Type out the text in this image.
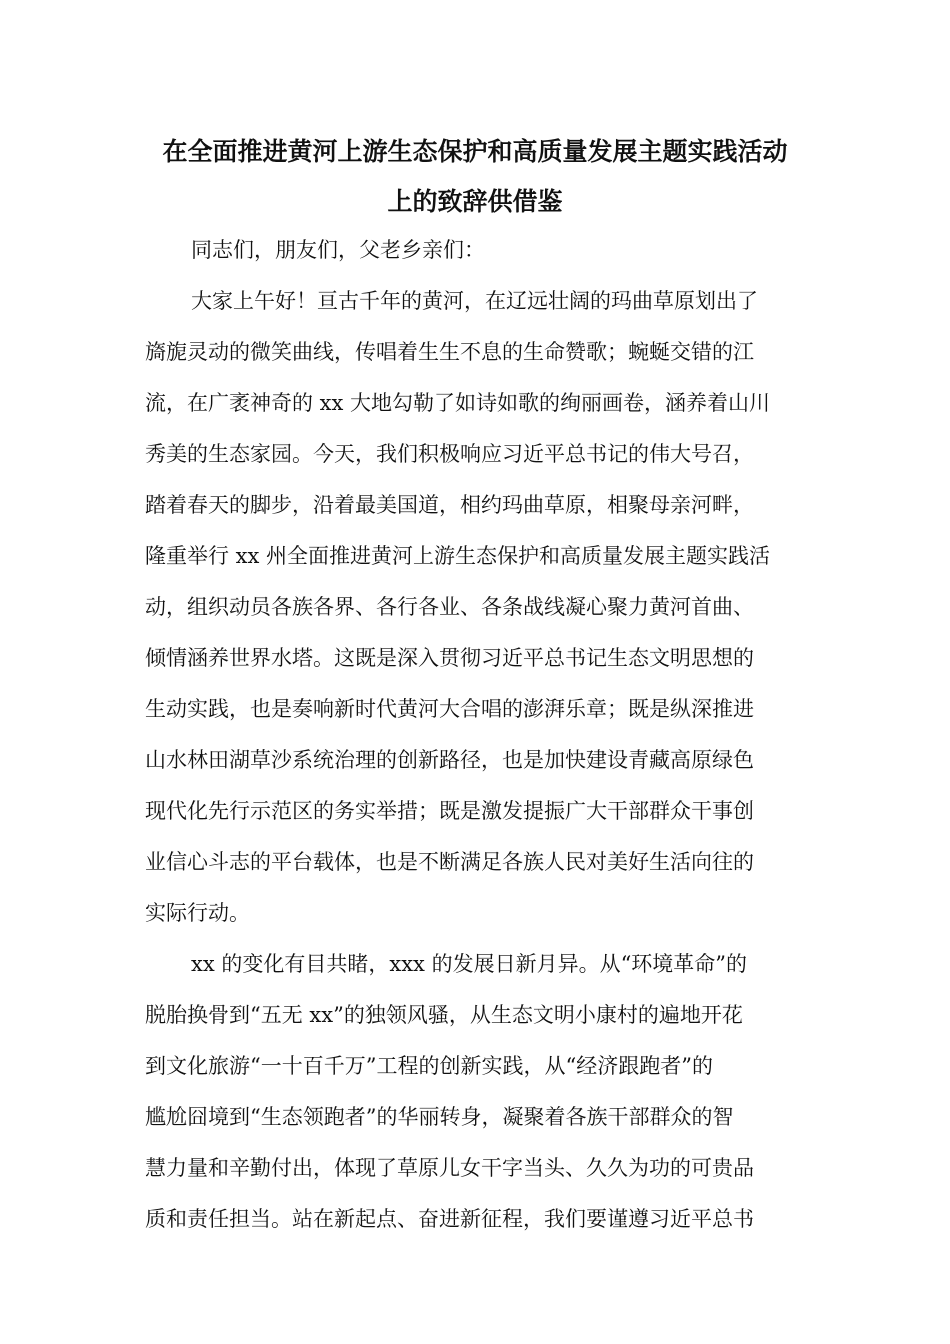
在全面推进黄河上游生态保护和高质量发展主题实践活动
上的致辞供借鉴
同志们，朋友们，父老乡亲们：
大家上午好！亘古千年的黄河，在辽远壮阔的玛曲草原划出了
旖旎灵动的微笑曲线，传唱着生生不息的生命赞歌；蜿蜒交错的江
流，在广袤神奇的 xx 大地勾勒了如诗如歌的绚丽画卷，涵养着山川
秀美的生态家园。今天，我们积极响应习近平总书记的伟大号召，
踏着春天的脚步，沿着最美国道，相约玛曲草原，相聚母亲河畔，
隆重举行 xx 州全面推进黄河上游生态保护和高质量发展主题实践活
动，组织动员各族各界、各行各业、各条战线凝心聚力黄河首曲、
倾情涵养世界水塔。这既是深入贯彻习近平总书记生态文明思想的
生动实践，也是奏响新时代黄河大合唱的澎湃乐章；既是纵深推进
山水林田湖草沙系统治理的创新路径，也是加快建设青藏高原绿色
现代化先行示范区的务实举措；既是激发提振广大干部群众干事创
业信心斗志的平台载体，也是不断满足各族人民对美好生活向往的
实际行动。
xx 的变化有目共睹，xxx 的发展日新月异。从“环境革命”的
脱胎换骨到“五无 xx”的独领风骚，从生态文明小康村的遍地开花
到文化旅游“一十百千万”工程的创新实践，从“经济跟跑者”的
尴尬囧境到“生态领跑者”的华丽转身，凝聚着各族干部群众的智
慧力量和辛勤付出，体现了草原儿女干字当头、久久为功的可贵品
质和责任担当。站在新起点、奋进新征程，我们要谨遵习近平总书
